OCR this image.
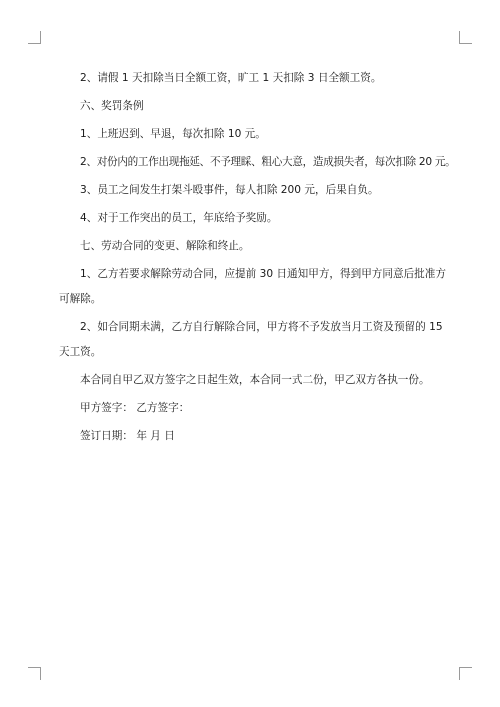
2、请假 1 天扣除当日全额工资，旷工 1 天扣除 3 日全额工资。

六、奖罚条例

1、上班迟到、早退，每次扣除 10 元。

2、对份内的工作出现拖延、不予理睬、粗心大意，造成损失者，每次扣除 20 元。

3、员工之间发生打架斗殴事件，每人扣除 200 元，后果自负。

4、对于工作突出的员工，年底给予奖励。

七、劳动合同的变更、解除和终止。

1、乙方若要求解除劳动合同，应提前 30 日通知甲方，得到甲方同意后批准方可解除。

2、如合同期未满，乙方自行解除合同，甲方将不予发放当月工资及预留的 15 天工资。

本合同自甲乙双方签字之日起生效，本合同一式二份，甲乙双方各执一份。

甲方签字： 乙方签字：

签订日期： 年 月 日
